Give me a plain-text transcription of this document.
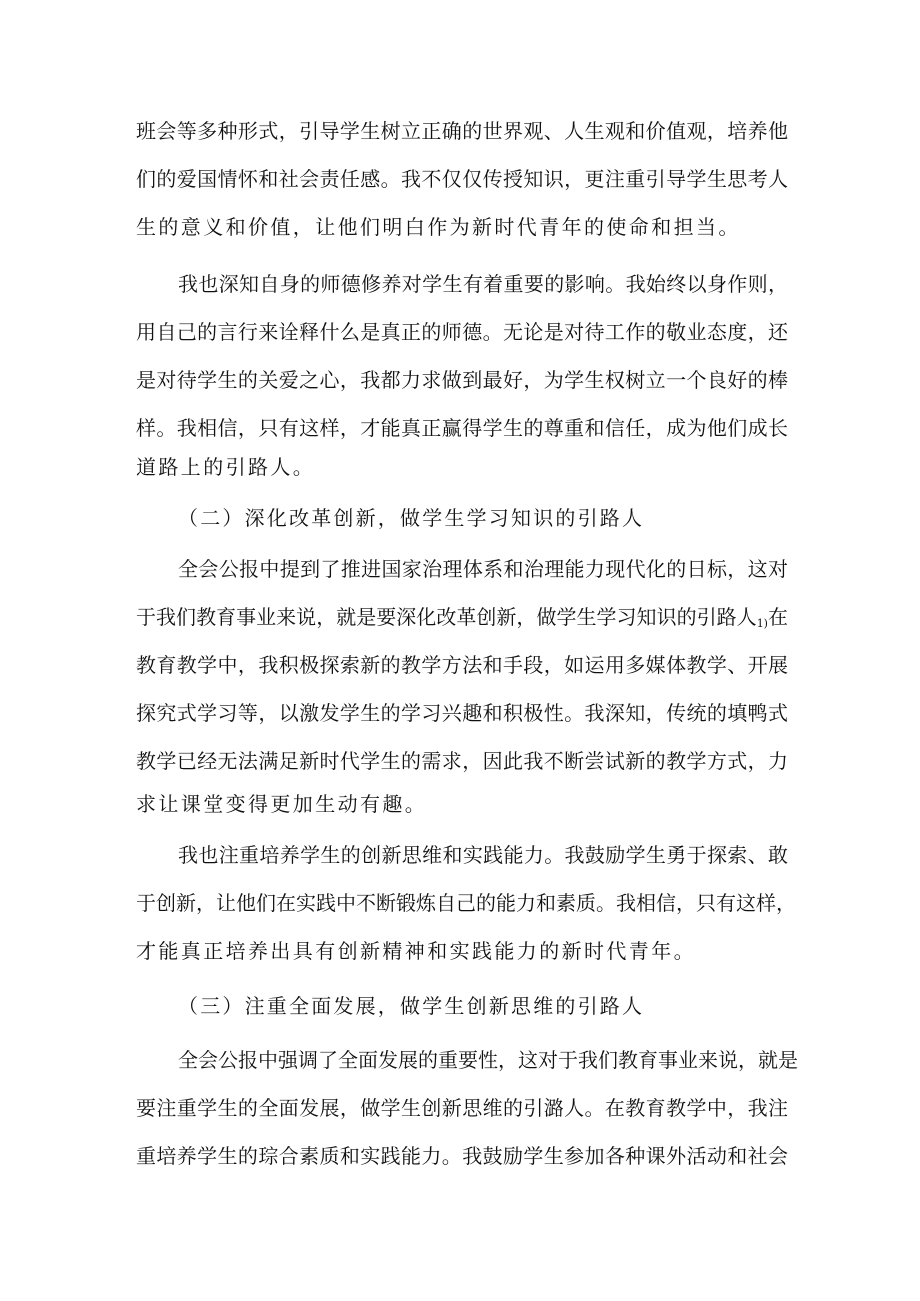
班会等多种形式，引导学生树立正确的世界观、人生观和价值观，培养他
们的爱国情怀和社会责任感。我不仅仅传授知识，更注重引导学生思考人
生的意义和价值，让他们明白作为新时代青年的使命和担当。
我也深知自身的师德修养对学生有着重要的影响。我始终以身作则，
用自己的言行来诠释什么是真正的师德。无论是对待工作的敬业态度，还
是对待学生的关爱之心，我都力求做到最好，为学生权树立一个良好的棒
样。我相信，只有这样，才能真正赢得学生的尊重和信任，成为他们成长
道路上的引路人。
（二）深化改革创新，做学生学习知识的引路人
全会公报中提到了推进国家治理体系和治理能力现代化的日标，这对
于我们教育事业来说，就是要深化改革创新，做学生学习知识的引路人$_{1)}$在
教育教学中，我积极探索新的教学方法和手段，如运用多媒体教学、开展
探究式学习等，以激发学生的学习兴趣和积极性。我深知，传统的填鸭式
教学已经无法满足新时代学生的需求，因此我不断尝试新的教学方式，力
求让课堂变得更加生动有趣。
我也注重培养学生的创新思维和实践能力。我鼓励学生勇于探索、敢
于创新，让他们在实践中不断锻炼自己的能力和素质。我相信，只有这样，
才能真正培养出具有创新精神和实践能力的新时代青年。
（三）注重全面发展，做学生创新思维的引路人
全会公报中强调了全面发展的重要性，这对于我们教育事业来说，就是
要注重学生的全面发展，做学生创新思维的引潞人。在教育教学中，我注
重培养学生的琮合素质和实践能力。我鼓励学生参加各种课外活动和社会
